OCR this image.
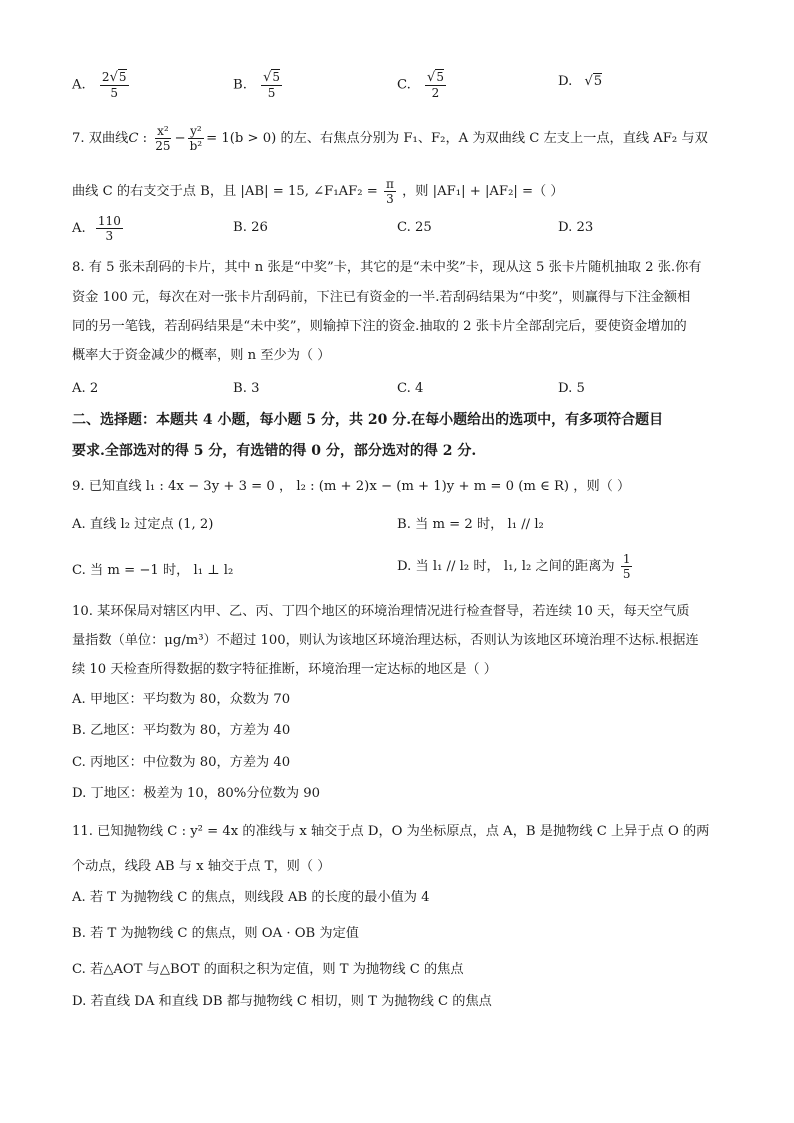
A. $\frac{2√5}{5}$	B. $\frac{√5}{5}$	C. $\frac{√5}{2}$	D. √5
7. 双曲线C : $\frac{\text{x²}}{25} - \frac{\text{y²}}{\text{b²}} = 1(b > 0)$ 的左、右焦点分别为 F₁、F₂，A 为双曲线 C 左支上一点，直线 AF₂ 与双
曲线 C 的右支交于点 B，且 |AB| = 15, ∠F₁AF₂ = $\frac{\pi}{3}$ ，则 |AF₁| + |AF₂| =（ ）
A. $\frac{110}{3}$	B. 26	C. 25	D. 23
8. 有 5 张未刮码的卡片，其中 n 张是“中奖”卡，其它的是“未中奖”卡，现从这 5 张卡片随机抽取 2 张.你有
资金 100 元，每次在对一张卡片刮码前，下注已有资金的一半.若刮码结果为“中奖”，则赢得与下注金额相
同的另一笔钱，若刮码结果是“未中奖”，则输掉下注的资金.抽取的 2 张卡片全部刮完后，要使资金增加的
概率大于资金减少的概率，则 n 至少为（ ）
A. 2	B. 3	C. 4	D. 5
二、选择题：本题共 4 小题，每小题 5 分，共 20 分.在每小题给出的选项中，有多项符合题目
要求.全部选对的得 5 分，有选错的得 0 分，部分选对的得 2 分.
9. 已知直线 l₁ : 4x − 3y + 3 = 0 ， l₂ : (m + 2)x − (m + 1)y + m = 0 (m ∈ R) ，则（ ）
A. 直线 l₂ 过定点 (1, 2)	B. 当 m = 2 时， l₁ // l₂
C. 当 m = −1 时， l₁ ⊥ l₂	D. 当 l₁ // l₂ 时， l₁, l₂ 之间的距离为 $\frac{1}{5}$
10. 某环保局对辖区内甲、乙、丙、丁四个地区的环境治理情况进行检查督导，若连续 10 天，每天空气质
量指数（单位：μg/m³）不超过 100，则认为该地区环境治理达标，否则认为该地区环境治理不达标.根据连
续 10 天检查所得数据的数字特征推断，环境治理一定达标的地区是（ ）
A. 甲地区：平均数为 80，众数为 70
B. 乙地区：平均数为 80，方差为 40
C. 丙地区：中位数为 80，方差为 40
D. 丁地区：极差为 10，80%分位数为 90
11. 已知抛物线 C : y² = 4x 的准线与 x 轴交于点 D，O 为坐标原点，点 A，B 是抛物线 C 上异于点 O 的两
个动点，线段 AB 与 x 轴交于点 T，则（ ）
A. 若 T 为抛物线 C 的焦点，则线段 AB 的长度的最小值为 4
B. 若 T 为抛物线 C 的焦点，则 OA · OB 为定值
C. 若△AOT 与△BOT 的面积之积为定值，则 T 为抛物线 C 的焦点
D. 若直线 DA 和直线 DB 都与抛物线 C 相切，则 T 为抛物线 C 的焦点
